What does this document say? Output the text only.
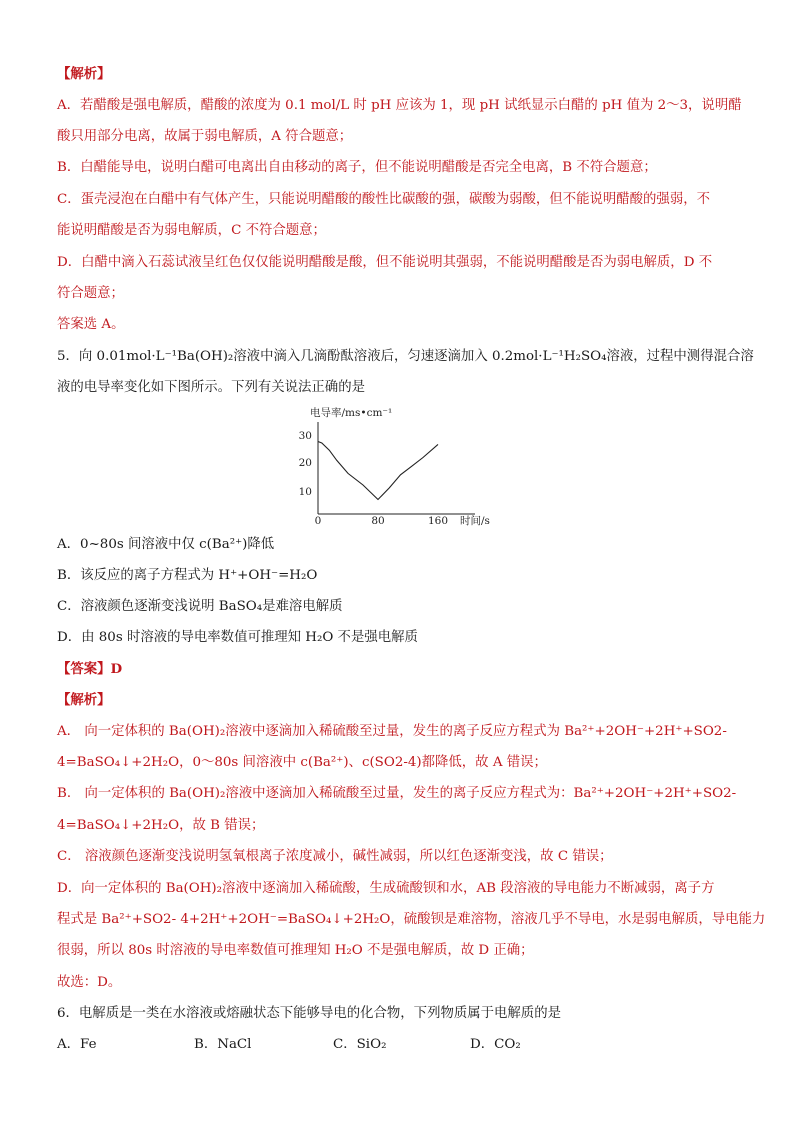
【解析】
A．若醋酸是强电解质，醋酸的浓度为 0.1 mol/L 时 pH 应该为 1，现 pH 试纸显示白醋的 pH 值为 2～3，说明醋
酸只用部分电离，故属于弱电解质，A 符合题意；
B．白醋能导电，说明白醋可电离出自由移动的离子，但不能说明醋酸是否完全电离，B 不符合题意；
C．蛋壳浸泡在白醋中有气体产生，只能说明醋酸的酸性比碳酸的强，碳酸为弱酸，但不能说明醋酸的强弱，不
能说明醋酸是否为弱电解质，C 不符合题意；
D．白醋中滴入石蕊试液呈红色仅仅能说明醋酸是酸，但不能说明其强弱，不能说明醋酸是否为弱电解质，D 不
符合题意；
答案选 A。
5．向 0.01mol·L⁻¹Ba(OH)₂溶液中滴入几滴酚酞溶液后，匀速逐滴加入 0.2mol·L⁻¹H₂SO₄溶液，过程中测得混合溶
液的电导率变化如下图所示。下列有关说法正确的是
电导率/ms•cm⁻¹
时间/s
0	80	160
10
20
30
A．0~80s 间溶液中仅 c(Ba²⁺)降低
B．该反应的离子方程式为 H⁺+OH⁻=H₂O
C．溶液颜色逐渐变浅说明 BaSO₄是难溶电解质
D．由 80s 时溶液的导电率数值可推理知 H₂O 不是强电解质
【答案】D
【解析】
A． 向一定体积的 Ba(OH)₂溶液中逐滴加入稀硫酸至过量，发生的离子反应方程式为 Ba²⁺+2OH⁻+2H⁺+SO2-
4=BaSO₄↓+2H₂O，0～80s 间溶液中 c(Ba²⁺)、c(SO2-4)都降低，故 A 错误；
B． 向一定体积的 Ba(OH)₂溶液中逐滴加入稀硫酸至过量，发生的离子反应方程式为：Ba²⁺+2OH⁻+2H⁺+SO2-
4=BaSO₄↓+2H₂O，故 B 错误；
C． 溶液颜色逐渐变浅说明氢氧根离子浓度减小，碱性减弱，所以红色逐渐变浅，故 C 错误；
D．向一定体积的 Ba(OH)₂溶液中逐滴加入稀硫酸，生成硫酸钡和水，AB 段溶液的导电能力不断减弱，离子方
程式是 Ba²⁺+SO2- 4+2H⁺+2OH⁻=BaSO₄↓+2H₂O，硫酸钡是难溶物，溶液几乎不导电，水是弱电解质，导电能力
很弱，所以 80s 时溶液的导电率数值可推理知 H₂O 不是强电解质，故 D 正确；
故选：D。
6．电解质是一类在水溶液或熔融状态下能够导电的化合物，下列物质属于电解质的是
A．Fe	B．NaCl	C．SiO₂	D．CO₂
